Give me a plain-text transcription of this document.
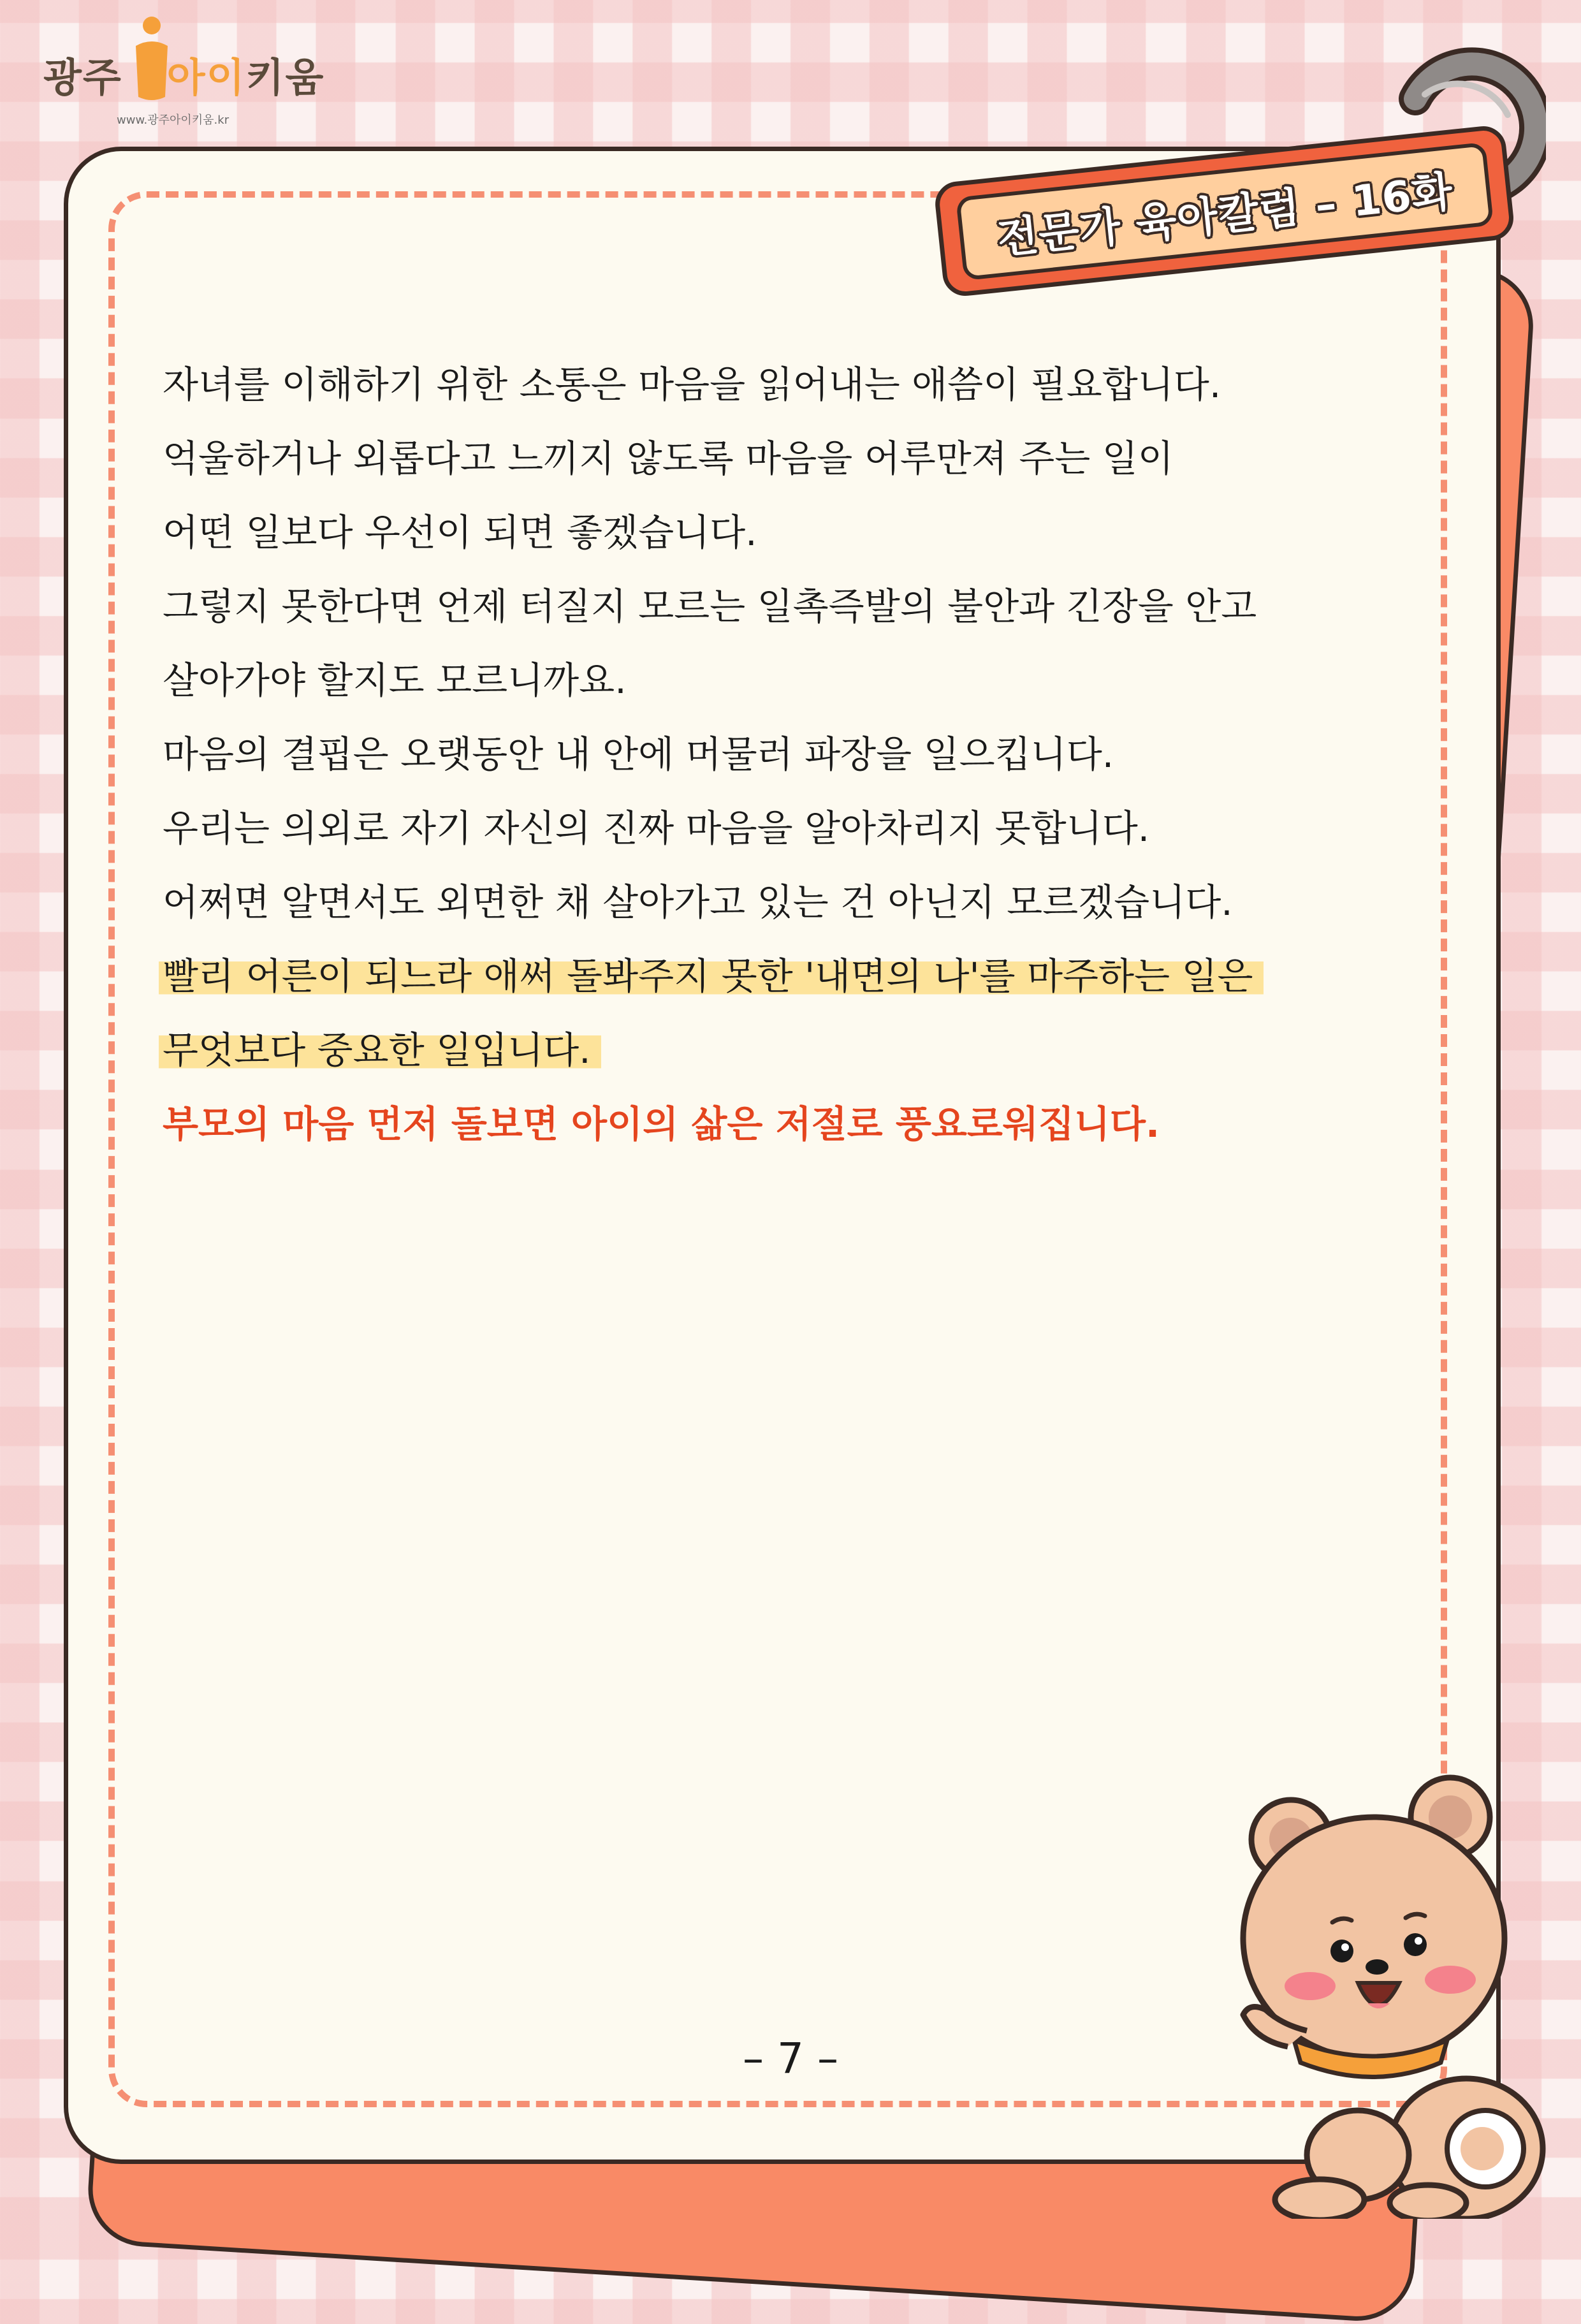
광주 아이키움
www.광주아이키움.kr
전문가 육아칼럼 – 16화
자녀를 이해하기 위한 소통은 마음을 읽어내는 애씀이 필요합니다.
억울하거나 외롭다고 느끼지 않도록 마음을 어루만져 주는 일이
어떤 일보다 우선이 되면 좋겠습니다.
그렇지 못한다면 언제 터질지 모르는 일촉즉발의 불안과 긴장을 안고
살아가야 할지도 모르니까요.
마음의 결핍은 오랫동안 내 안에 머물러 파장을 일으킵니다.
우리는 의외로 자기 자신의 진짜 마음을 알아차리지 못합니다.
어쩌면 알면서도 외면한 채 살아가고 있는 건 아닌지 모르겠습니다.
빨리 어른이 되느라 애써 돌봐주지 못한 '내면의 나'를 마주하는 일은
무엇보다 중요한 일입니다.
부모의 마음 먼저 돌보면 아이의 삶은 저절로 풍요로워집니다.
– 7 –
